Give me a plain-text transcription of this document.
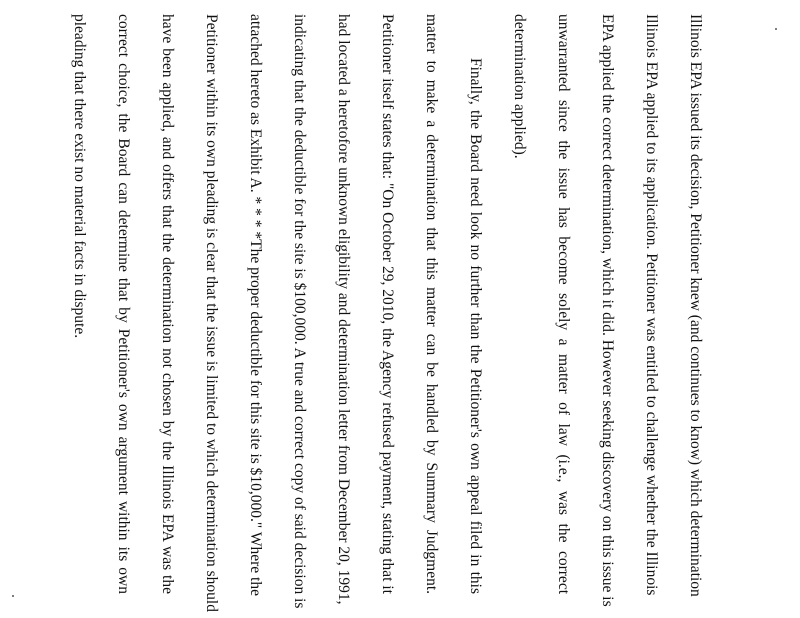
Illinois EPA issued its decision, Petitioner knew (and continues to know) which determination
Illinois EPA applied to its application. Petitioner was entitled to challenge whether the Illinois
EPA applied the correct determination, which it did. However seeking discovery on this issue is
unwarranted since the issue has become solely a matter of law (i.e., was the correct
determination applied).
Finally, the Board need look no further than the Petitioner's own appeal filed in this
matter to make a determination that this matter can be handled by Summary Judgment.
Petitioner itself states that: "On October 29, 2010, the Agency refused payment, stating that it
had located a heretofore unknown eligibility and determination letter from December 20, 1991,
indicating that the deductible for the site is $100,000. A true and correct copy of said decision is
attached hereto as Exhibit A. * * * *The proper deductible for this site is $10,000." Where the
Petitioner within its own pleading is clear that the issue is limited to which determination should
have been applied, and offers that the determination not chosen by the Illinois EPA was the
correct choice, the Board can determine that by Petitioner's own argument within its own
pleading that there exist no material facts in dispute.
